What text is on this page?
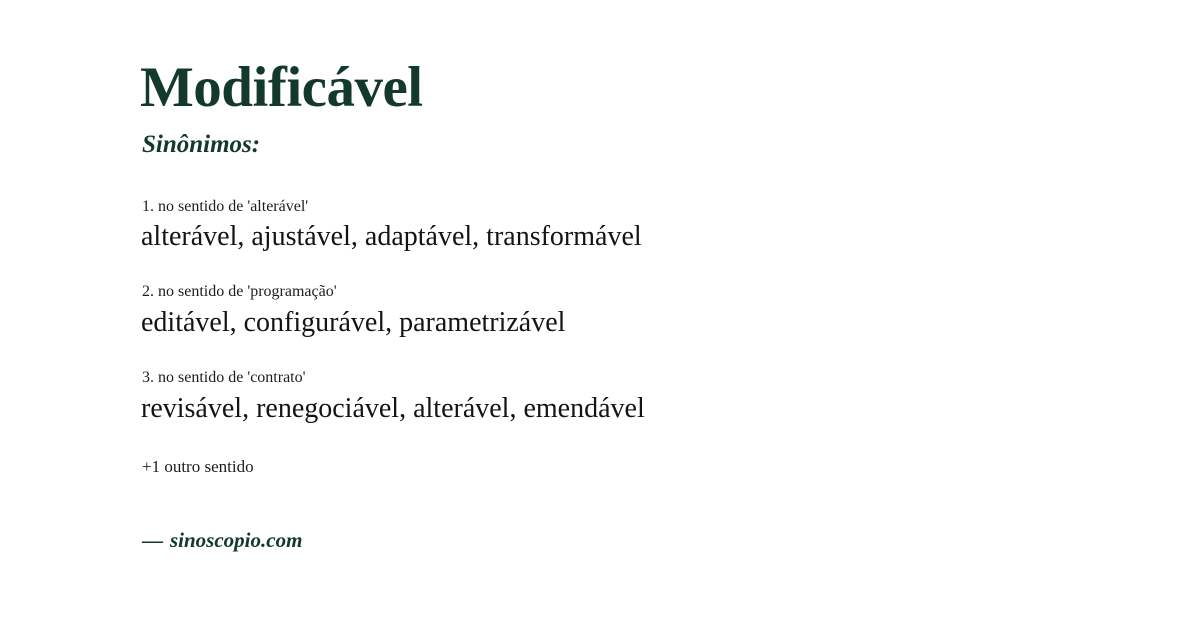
Modificável
Sinônimos:
1. no sentido de 'alterável'
alterável, ajustável, adaptável, transformável
2. no sentido de 'programação'
editável, configurável, parametrizável
3. no sentido de 'contrato'
revisável, renegociável, alterável, emendável
+1 outro sentido
— sinoscopio.com
